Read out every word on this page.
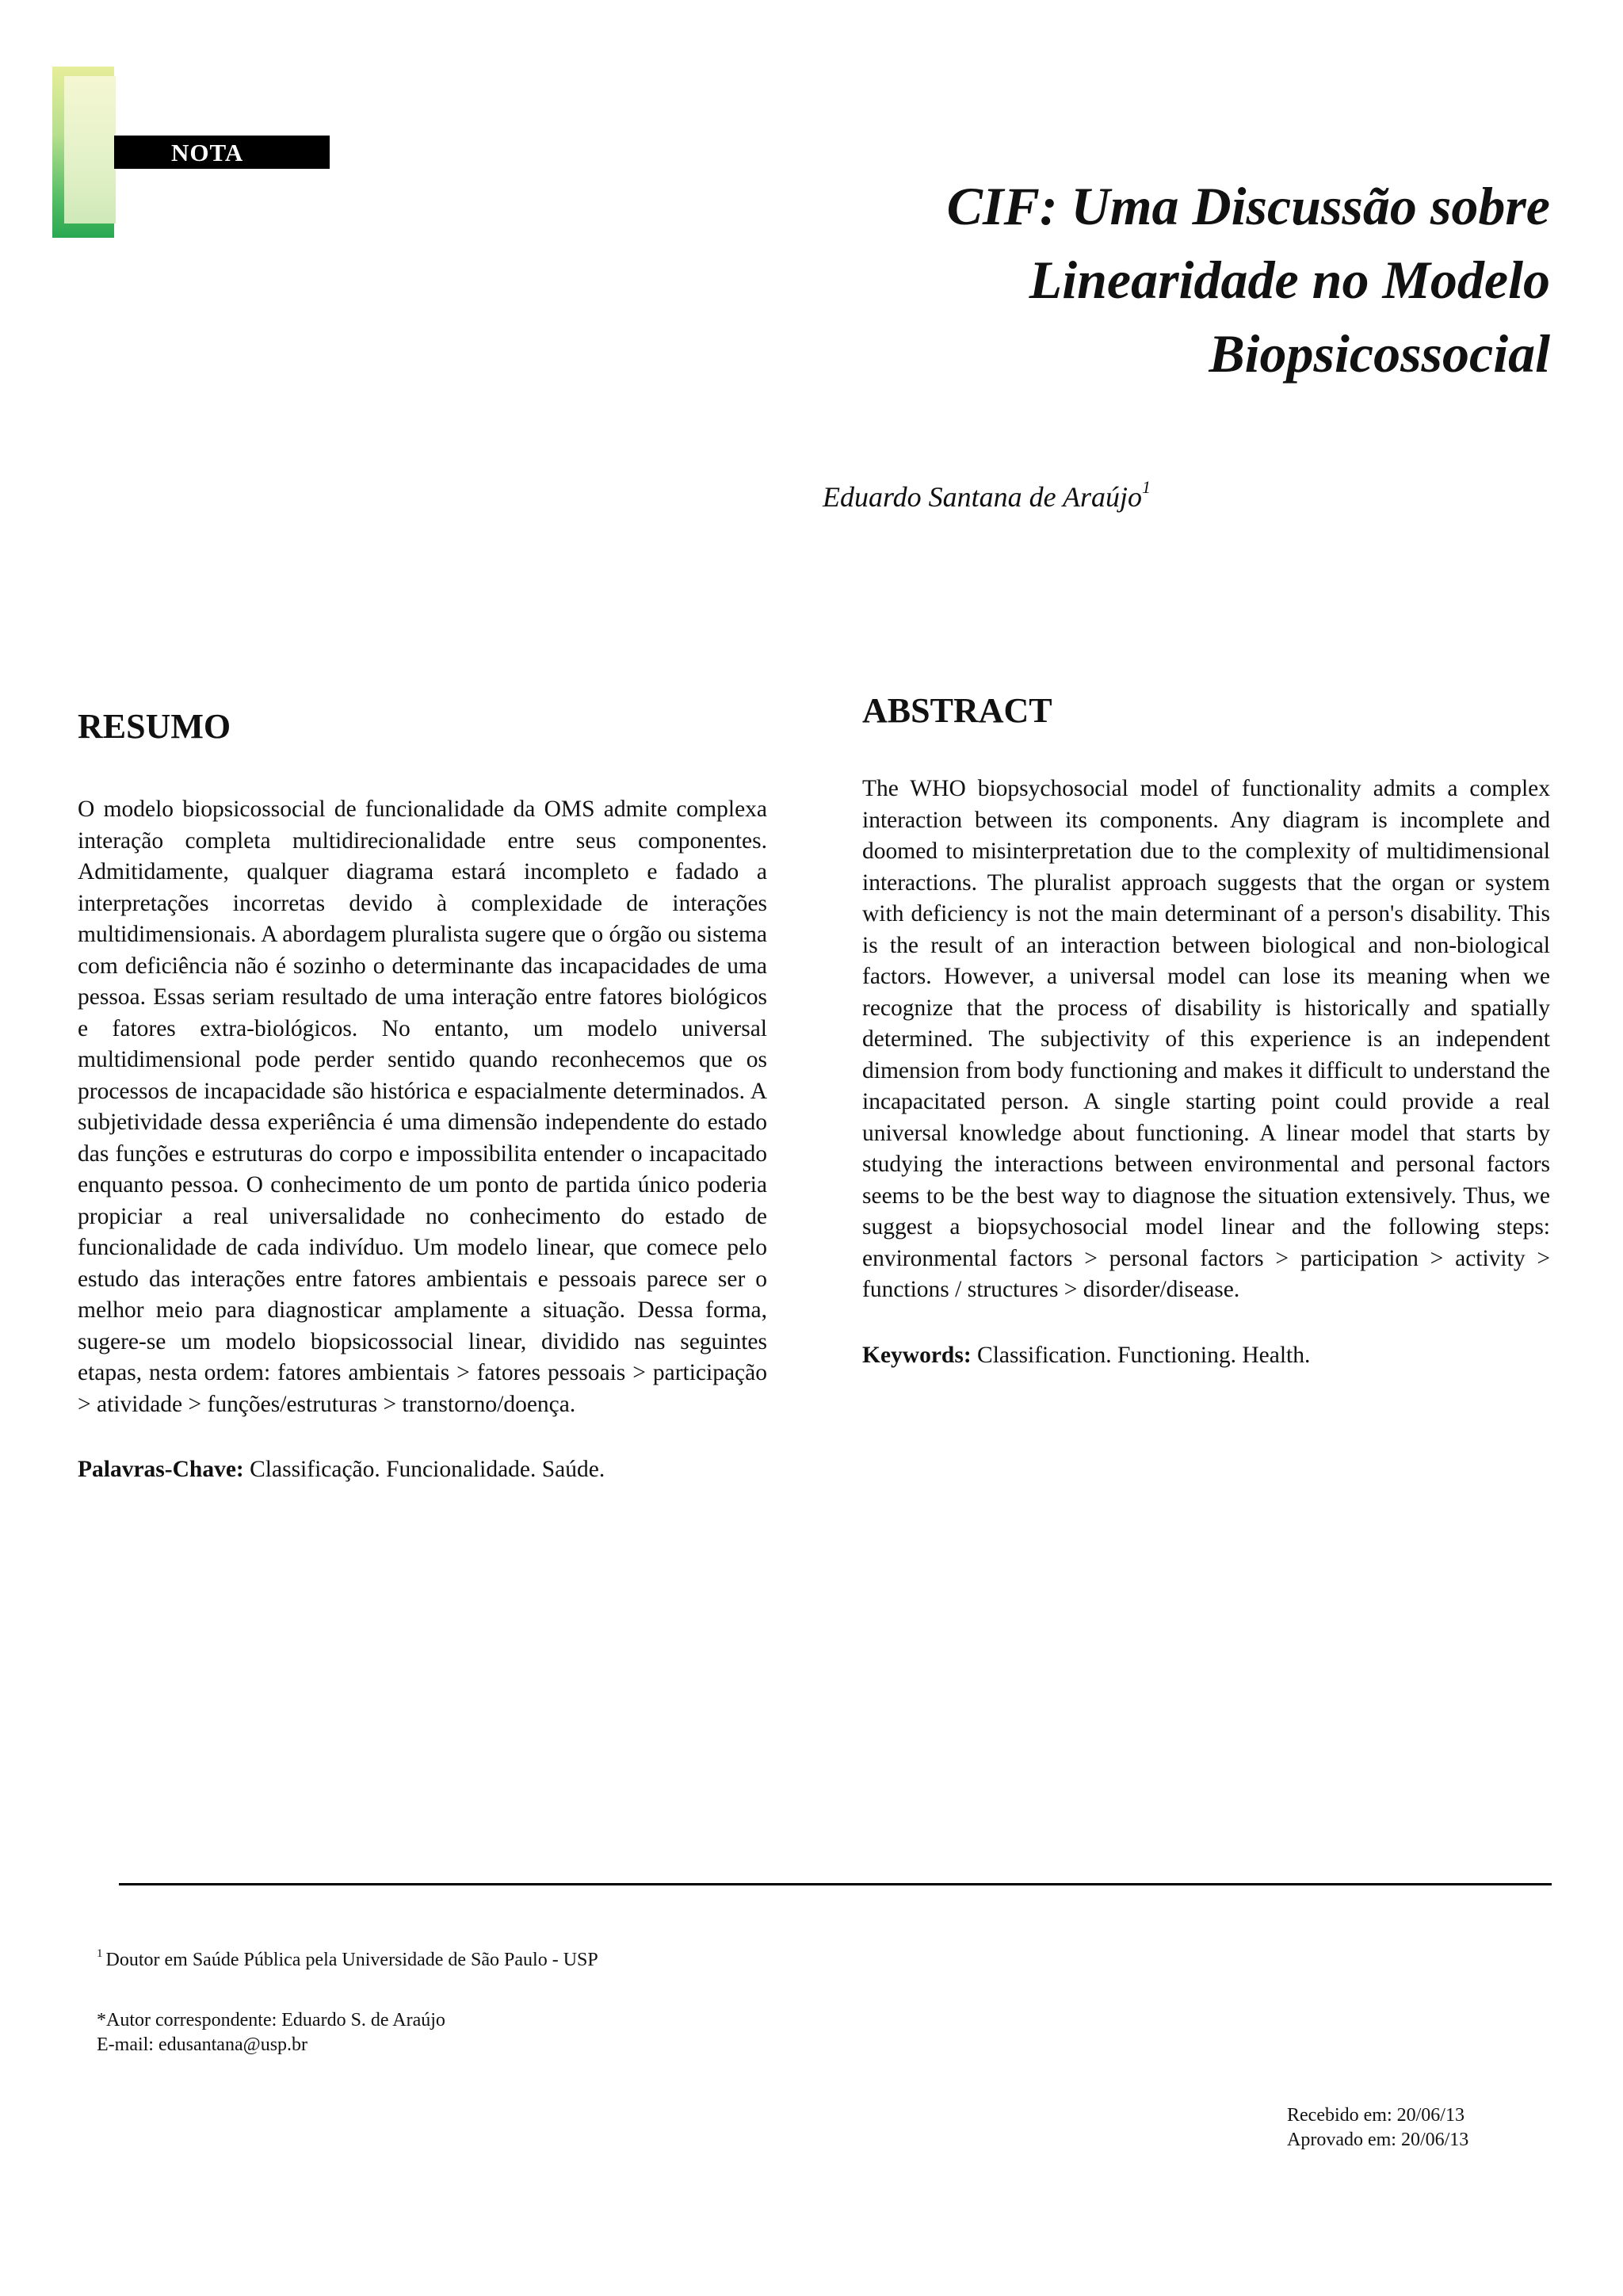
NOTA
CIF: Uma Discussão sobre
Linearidade no Modelo
Biopsicossocial
Eduardo Santana de Araújo$^1$
RESUMO

O modelo biopsicossocial de funcionalidade da OMS admite complexa interação completa multidirecionalidade entre seus componentes. Admitidamente, qualquer diagrama estará incompleto e fadado a interpretações incorretas devido à complexidade de interações multidimensionais. A abordagem pluralista sugere que o órgão ou sistema com deficiência não é sozinho o determinante das incapacidades de uma pessoa. Essas seriam resultado de uma interação entre fatores biológicos e fatores extra-biológicos. No entanto, um modelo universal multidimensional pode perder sentido quando reconhecemos que os processos de incapacidade são histórica e espacialmente determinados. A subjetividade dessa experiência é uma dimensão independente do estado das funções e estruturas do corpo e impossibilita entender o incapacitado enquanto pessoa. O conhecimento de um ponto de partida único poderia propiciar a real universalidade no conhecimento do estado de funcionalidade de cada indivíduo. Um modelo linear, que comece pelo estudo das interações entre fatores ambientais e pessoais parece ser o melhor meio para diagnosticar amplamente a situação. Dessa forma, sugere-se um modelo biopsicossocial linear, dividido nas seguintes etapas, nesta ordem: fatores ambientais > fatores pessoais > participação > atividade > funções/estruturas > transtorno/doença.

Palavras-Chave: Classificação. Funcionalidade. Saúde.
ABSTRACT

The WHO biopsychosocial model of functionality admits a complex interaction between its components. Any diagram is incomplete and doomed to misinterpretation due to the complexity of multidimensional interactions. The pluralist approach suggests that the organ or system with deficiency is not the main determinant of a person's disability. This is the result of an interaction between biological and non-biological factors. However, a universal model can lose its meaning when we recognize that the process of disability is historically and spatially determined. The subjectivity of this experience is an independent dimension from body functioning and makes it difficult to understand the incapacitated person. A single starting point could provide a real universal knowledge about functioning. A linear model that starts by studying the interactions between environmental and personal factors seems to be the best way to diagnose the situation extensively. Thus, we suggest a biopsychosocial model linear and the following steps: environmental factors > personal factors > participation > activity > functions / structures > disorder/disease.

Keywords: Classification. Functioning. Health.
$^1$ Doutor em Saúde Pública pela Universidade de São Paulo - USP
*Autor correspondente: Eduardo S. de Araújo
E-mail: edusantana@usp.br
Recebido em: 20/06/13
Aprovado em: 20/06/13
